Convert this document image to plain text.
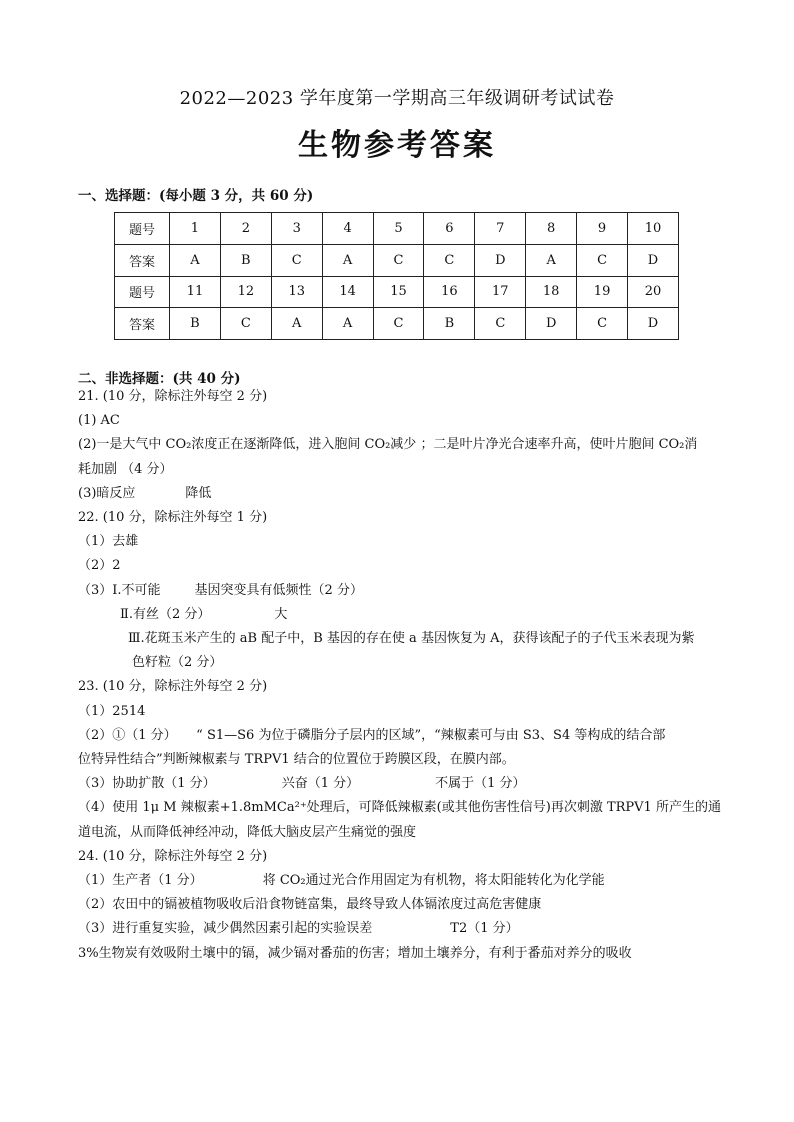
2022—2023 学年度第一学期高三年级调研考试试卷
生物参考答案
一、选择题：(每小题 3 分，共 60 分)
题号	1	2	3	4	5	6	7	8	9	10
答案	A	B	C	A	C	C	D	A	C	D
题号	11	12	13	14	15	16	17	18	19	20
答案	B	C	A	A	C	B	C	D	C	D
二、非选择题：(共 40 分)
21. (10 分，除标注外每空 2 分)
(1) AC
(2)一是大气中 CO₂浓度正在逐渐降低，进入胞间 CO₂减少 ；二是叶片净光合速率升高，使叶片胞间 CO₂消
耗加剧 （4 分）
(3)暗反应	降低
22. (10 分，除标注外每空 1 分)
（1）去雄
（2）2
（3）Ⅰ.不可能	基因突变具有低频性（2 分）
Ⅱ.有丝（2 分）	大
Ⅲ.花斑玉米产生的 aB 配子中，B 基因的存在使 a 基因恢复为 A，获得该配子的子代玉米表现为紫
色籽粒（2 分）
23. (10 分，除标注外每空 2 分)
（1）2514
（2）①（1 分）　　“ S1—S6 为位于磷脂分子层内的区域”，“辣椒素可与由 S3、S4 等构成的结合部
位特异性结合”判断辣椒素与 TRPV1 结合的位置位于跨膜区段，在膜内部。
（3）协助扩散（1 分）	兴奋（1 分）	不属于（1 分）
（4）使用 1μ M 辣椒素+1.8mMCa²⁺处理后，可降低辣椒素(或其他伤害性信号)再次刺激 TRPV1 所产生的通
道电流，从而降低神经冲动，降低大脑皮层产生痛觉的强度
24. (10 分，除标注外每空 2 分)
（1）生产者（1 分）	将 CO₂通过光合作用固定为有机物，将太阳能转化为化学能
（2）农田中的镉被植物吸收后沿食物链富集，最终导致人体镉浓度过高危害健康
（3）进行重复实验，减少偶然因素引起的实验误差	T2（1 分）
3%生物炭有效吸附土壤中的镉，减少镉对番茄的伤害；增加土壤养分，有利于番茄对养分的吸收
